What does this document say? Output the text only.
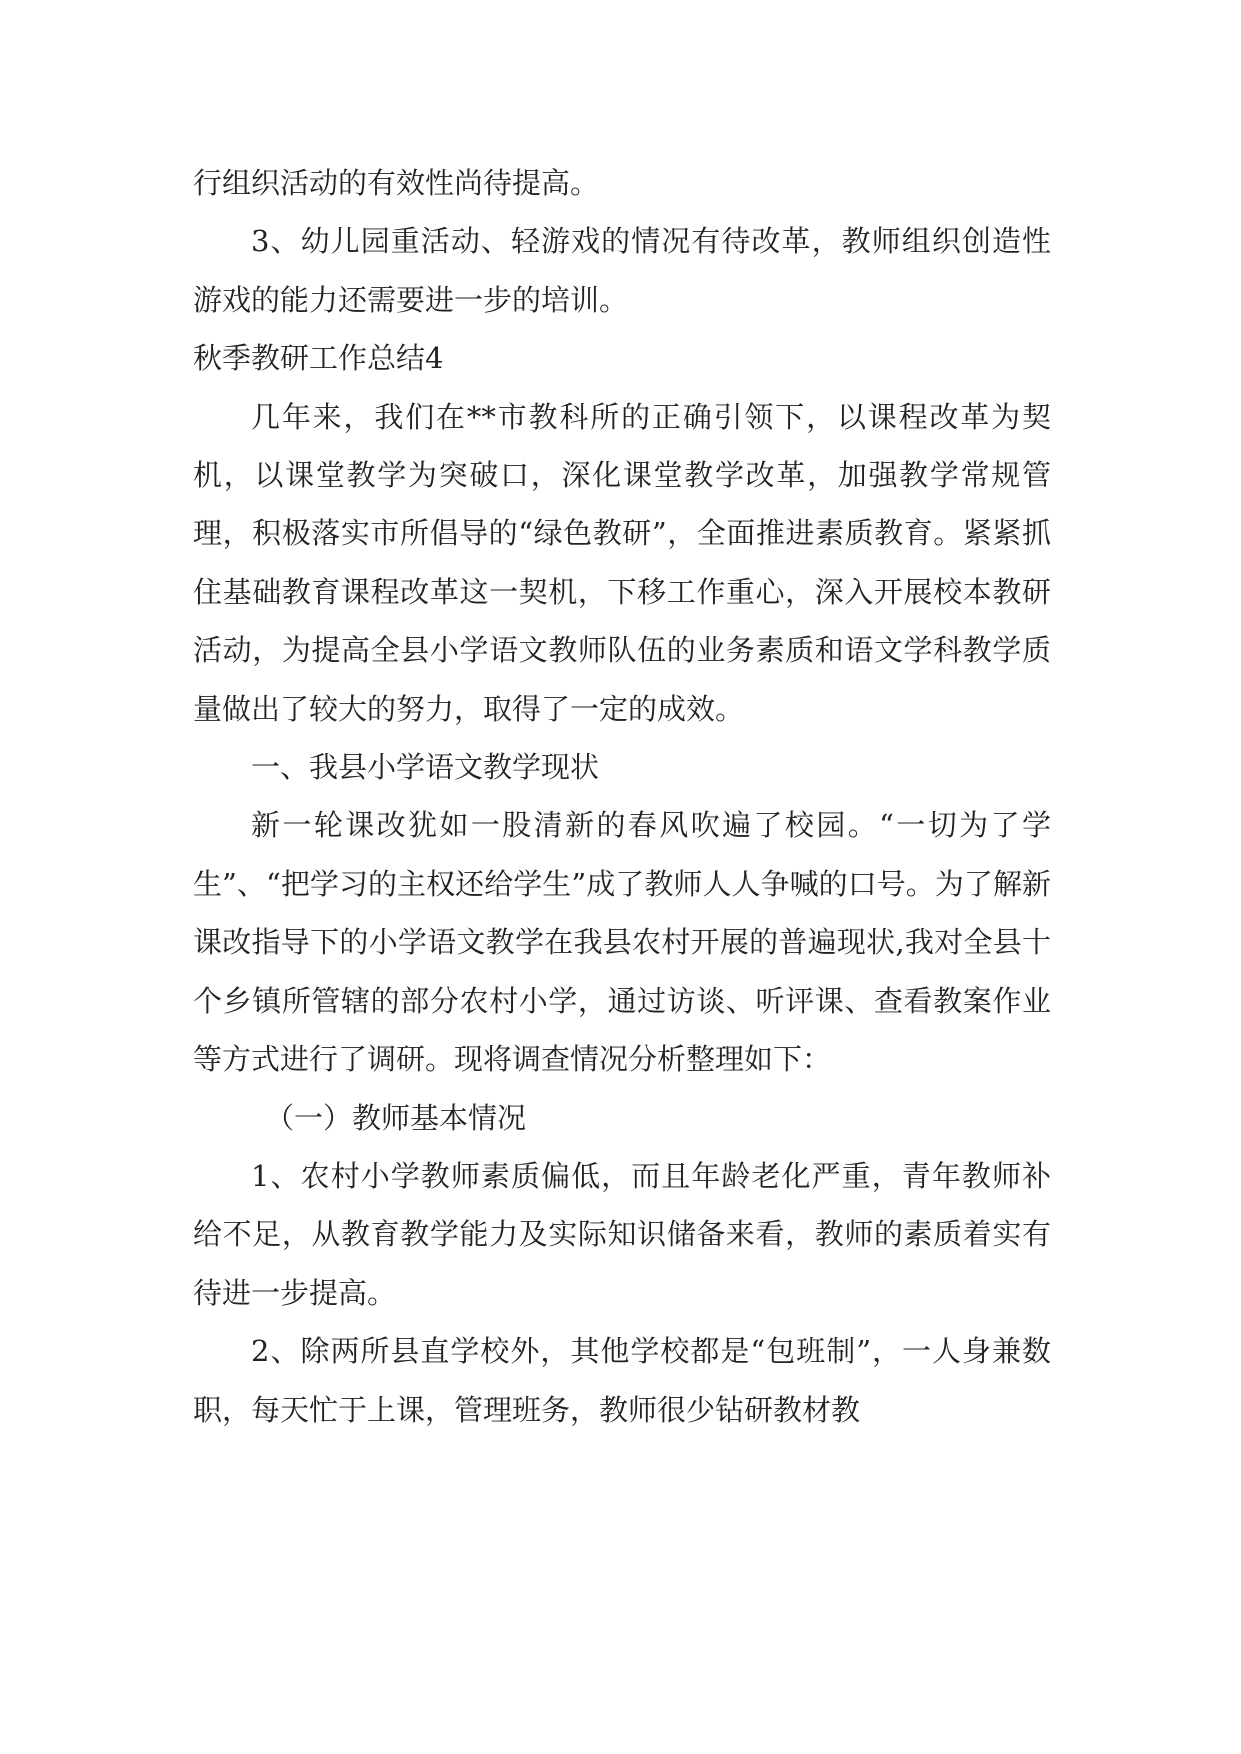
行组织活动的有效性尚待提高。

3、幼儿园重活动、轻游戏的情况有待改革，教师组织创造性游戏的能力还需要进一步的培训。

秋季教研工作总结4

几年来，我们在**市教科所的正确引领下，以课程改革为契机，以课堂教学为突破口，深化课堂教学改革，加强教学常规管理，积极落实市所倡导的“绿色教研”，全面推进素质教育。紧紧抓住基础教育课程改革这一契机，下移工作重心，深入开展校本教研活动，为提高全县小学语文教师队伍的业务素质和语文学科教学质量做出了较大的努力，取得了一定的成效。

一、我县小学语文教学现状

新一轮课改犹如一股清新的春风吹遍了校园。“一切为了学生”、“把学习的主权还给学生”成了教师人人争喊的口号。为了解新课改指导下的小学语文教学在我县农村开展的普遍现状,我对全县十个乡镇所管辖的部分农村小学，通过访谈、听评课、查看教案作业等方式进行了调研。现将调查情况分析整理如下：

（一）教师基本情况

1、农村小学教师素质偏低，而且年龄老化严重，青年教师补给不足，从教育教学能力及实际知识储备来看，教师的素质着实有待进一步提高。

2、除两所县直学校外，其他学校都是“包班制”，一人身兼数职，每天忙于上课，管理班务，教师很少钻研教材教
